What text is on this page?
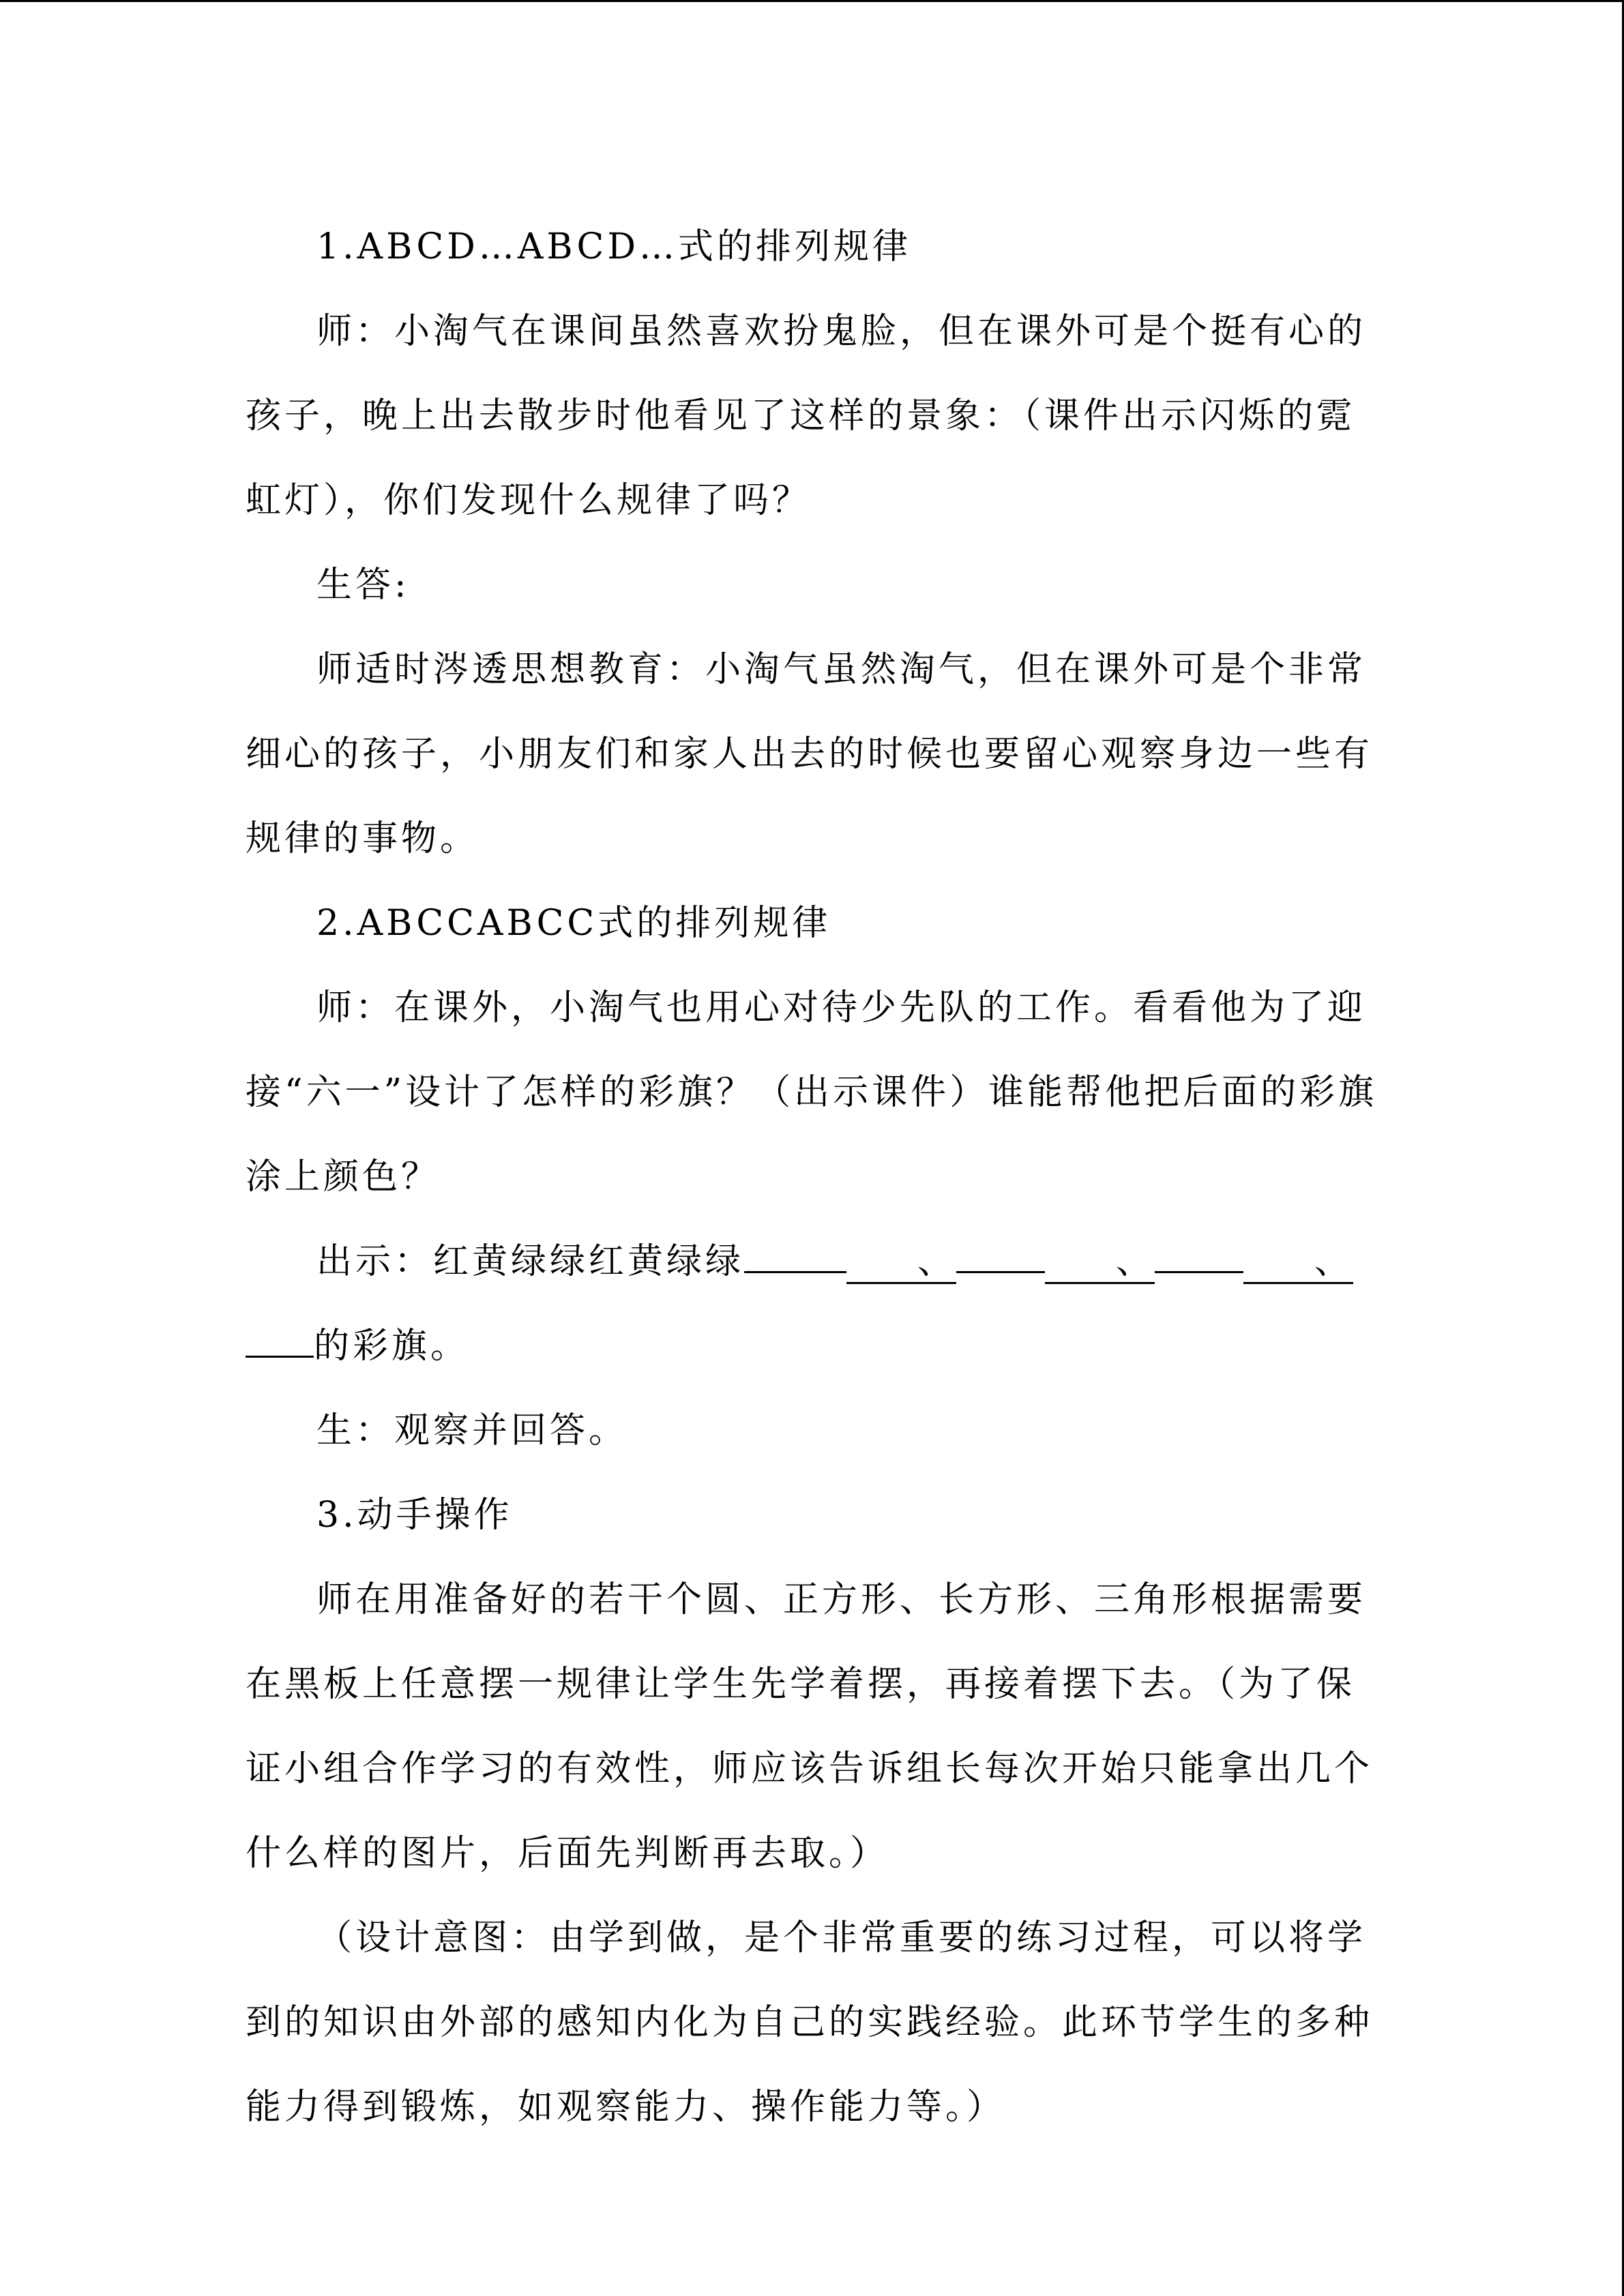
1.ABCD…ABCD…式的排列规律

师：小淘气在课间虽然喜欢扮鬼脸，但在课外可是个挺有心的孩子，晚上出去散步时他看见了这样的景象：（课件出示闪烁的霓虹灯），你们发现什么规律了吗？

生答:

师适时涔透思想教育：小淘气虽然淘气，但在课外可是个非常细心的孩子，小朋友们和家人出去的时候也要留心观察身边一些有规律的事物。

2.ABCCABCC式的排列规律

师：在课外，小淘气也用心对待少先队的工作。看看他为了迎接“六一”设计了怎样的彩旗？（出示课件）谁能帮他把后面的彩旗涂上颜色？

出示：红黄绿绿红黄绿绿	、	、	、的彩旗。

生：观察并回答。

3.动手操作

师在用准备好的若干个圆、正方形、长方形、三角形根据需要在黑板上任意摆一规律让学生先学着摆，再接着摆下去。（为了保证小组合作学习的有效性，师应该告诉组长每次开始只能拿出几个什么样的图片，后面先判断再去取。）

（设计意图：由学到做，是个非常重要的练习过程，可以将学到的知识由外部的感知内化为自己的实践经验。此环节学生的多种能力得到锻炼，如观察能力、操作能力等。）
